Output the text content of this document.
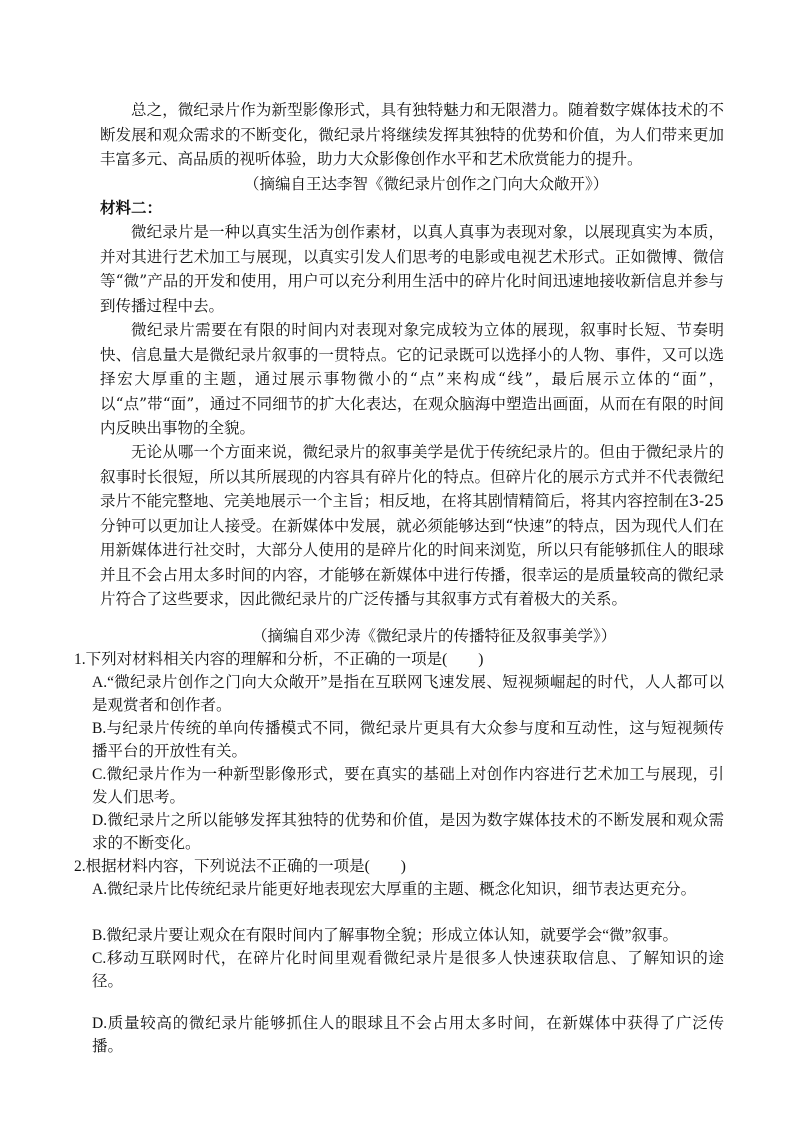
总之，微纪录片作为新型影像形式，具有独特魅力和无限潜力。随着数字媒体技术的不断发展和观众需求的不断变化，微纪录片将继续发挥其独特的优势和价值，为人们带来更加丰富多元、高品质的视听体验，助力大众影像创作水平和艺术欣赏能力的提升。

（摘编自王达李智《微纪录片创作之门向大众敞开》）
材料二：

微纪录片是一种以真实生活为创作素材，以真人真事为表现对象，以展现真实为本质，并对其进行艺术加工与展现，以真实引发人们思考的电影或电视艺术形式。正如微博、微信等“微”产品的开发和使用，用户可以充分利用生活中的碎片化时间迅速地接收新信息并参与到传播过程中去。

微纪录片需要在有限的时间内对表现对象完成较为立体的展现，叙事时长短、节奏明快、信息量大是微纪录片叙事的一贯特点。它的记录既可以选择小的人物、事件，又可以选择宏大厚重的主题，通过展示事物微小的“点”来构成“线”，最后展示立体的“面”，以“点”带“面”，通过不同细节的扩大化表达，在观众脑海中塑造出画面，从而在有限的时间内反映出事物的全貌。

无论从哪一个方面来说，微纪录片的叙事美学是优于传统纪录片的。但由于微纪录片的叙事时长很短，所以其所展现的内容具有碎片化的特点。但碎片化的展示方式并不代表微纪录片不能完整地、完美地展示一个主旨；相反地，在将其剧情精简后，将其内容控制在3-25分钟可以更加让人接受。在新媒体中发展，就必须能够达到“快速”的特点，因为现代人们在用新媒体进行社交时，大部分人使用的是碎片化的时间来浏览，所以只有能够抓住人的眼球并且不会占用太多时间的内容，才能够在新媒体中进行传播，很幸运的是质量较高的微纪录片符合了这些要求，因此微纪录片的广泛传播与其叙事方式有着极大的关系。

（摘编自邓少涛《微纪录片的传播特征及叙事美学》）

1.下列对材料相关内容的理解和分析，不正确的一项是(　　)

A.“微纪录片创作之门向大众敞开”是指在互联网飞速发展、短视频崛起的时代，人人都可以是观赏者和创作者。

B.与纪录片传统的单向传播模式不同，微纪录片更具有大众参与度和互动性，这与短视频传播平台的开放性有关。

C.微纪录片作为一种新型影像形式，要在真实的基础上对创作内容进行艺术加工与展现，引发人们思考。

D.微纪录片之所以能够发挥其独特的优势和价值，是因为数字媒体技术的不断发展和观众需求的不断变化。

2.根据材料内容，下列说法不正确的一项是(　　)

A.微纪录片比传统纪录片能更好地表现宏大厚重的主题、概念化知识，细节表达更充分。

B.微纪录片要让观众在有限时间内了解事物全貌；形成立体认知，就要学会“微”叙事。

C.移动互联网时代，在碎片化时间里观看微纪录片是很多人快速获取信息、了解知识的途径。

D.质量较高的微纪录片能够抓住人的眼球且不会占用太多时间，在新媒体中获得了广泛传播。
